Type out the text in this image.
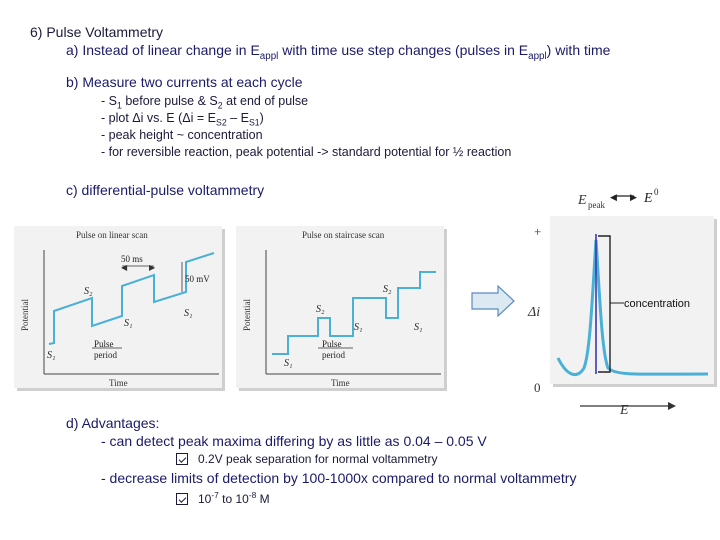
6) Pulse Voltammetry
a) Instead of linear change in $E_{appl}$ with time use step changes (pulses in $E_{appl}$) with time
b) Measure two currents at each cycle
- $S_1$ before pulse & $S_2$ at end of pulse
- plot Δi vs. E $(\Delta i = E_{S2} - E_{S1})$
- peak height ~ concentration
- for reversible reaction, peak potential -> standard potential for ½ reaction
c) differential-pulse voltammetry
Pulse on linear scan
Potential
Time
◀	▶
50 ms
50 mV
S₂
S₁
S₁
S₁
Pulse
period
Pulse on staircase scan
Potential
Time
S₂
S₂
S₁
S₁	S₁
Pulse
period
E peak
◀ ▶ E 0
+
0
Δi
concentration
E
d) Advantages:
- can detect peak maxima differing by as little as 0.04 – 0.05 V
0.2V peak separation for normal voltammetry
- decrease limits of detection by 100-1000x compared to normal voltammetry
$10^{-7}$ to $10^{-8}$ M
